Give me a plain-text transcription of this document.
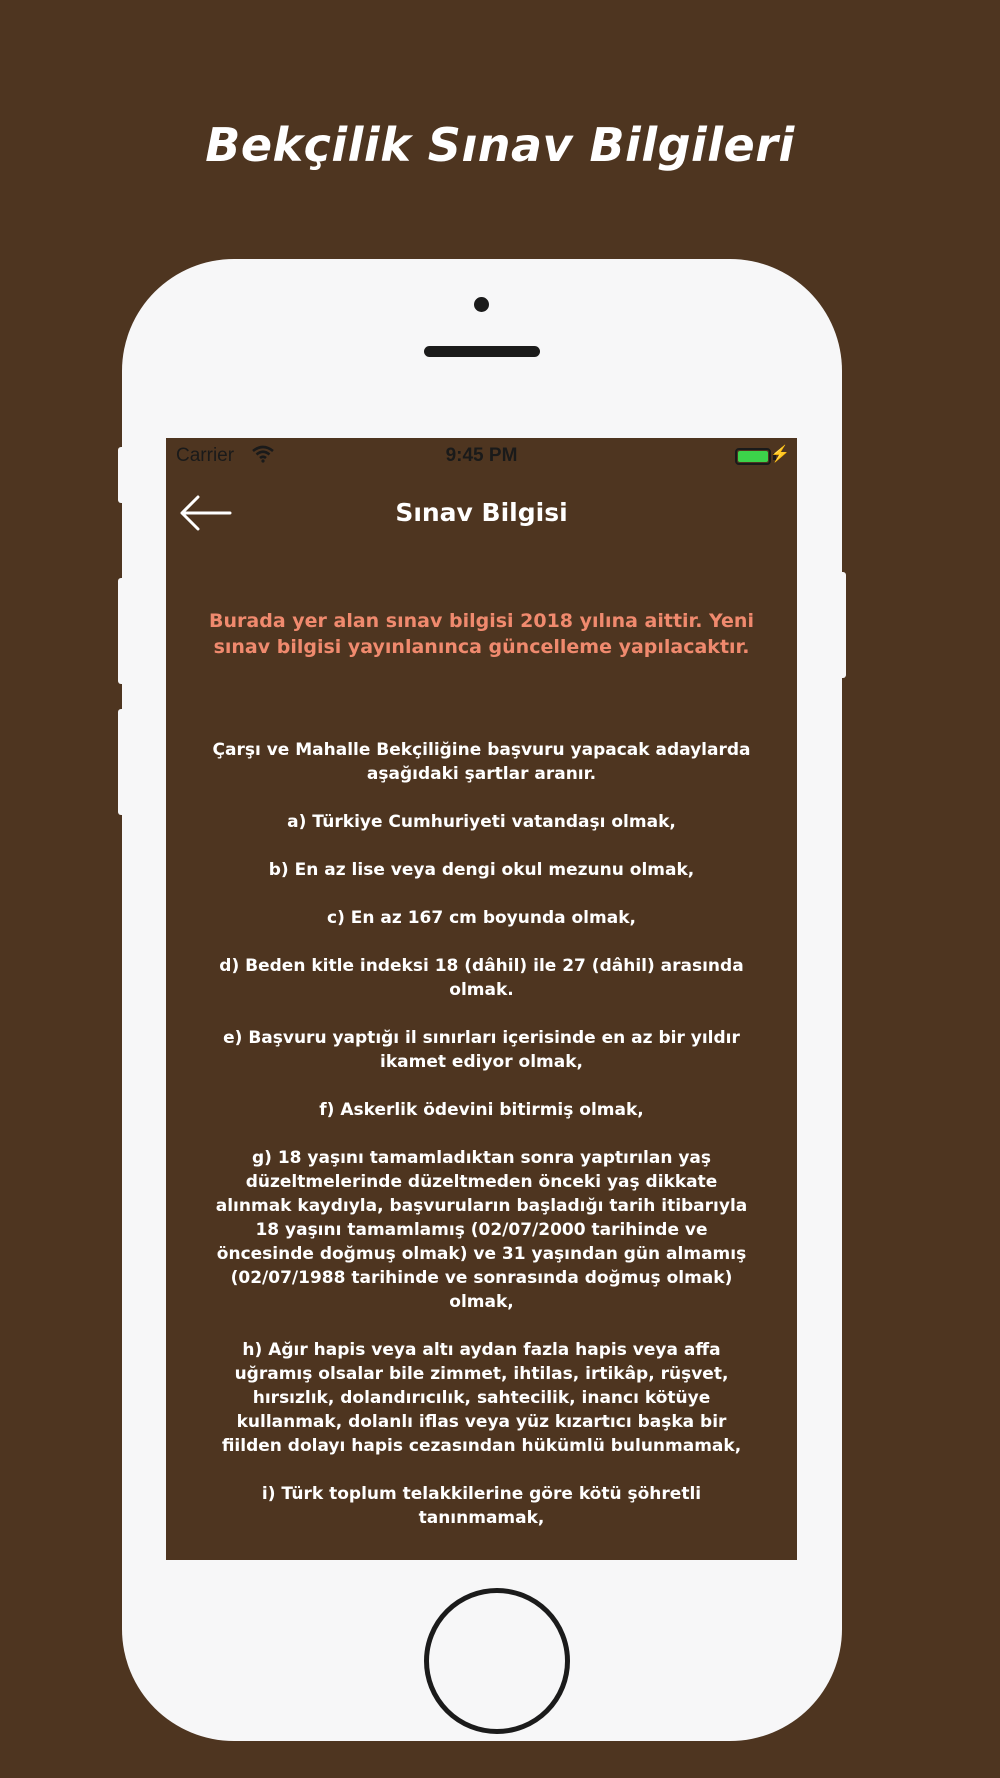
Bekçilik Sınav Bilgileri
Carrier	9:45 PM	⚡
Sınav Bilgisi
Burada yer alan sınav bilgisi 2018 yılına aittir. Yeni sınav bilgisi yayınlanınca güncelleme yapılacaktır.

Çarşı ve Mahalle Bekçiliğine başvuru yapacak adaylarda aşağıdaki şartlar aranır.

a) Türkiye Cumhuriyeti vatandaşı olmak,

b) En az lise veya dengi okul mezunu olmak,

c) En az 167 cm boyunda olmak,

d) Beden kitle indeksi 18 (dâhil) ile 27 (dâhil) arasında olmak.

e) Başvuru yaptığı il sınırları içerisinde en az bir yıldır ikamet ediyor olmak,

f) Askerlik ödevini bitirmiş olmak,

g) 18 yaşını tamamladıktan sonra yaptırılan yaş düzeltmelerinde düzeltmeden önceki yaş dikkate alınmak kaydıyla, başvuruların başladığı tarih itibarıyla 18 yaşını tamamlamış (02/07/2000 tarihinde ve öncesinde doğmuş olmak) ve 31 yaşından gün almamış (02/07/1988 tarihinde ve sonrasında doğmuş olmak) olmak,

h) Ağır hapis veya altı aydan fazla hapis veya affa uğramış olsalar bile zimmet, ihtilas, irtikâp, rüşvet, hırsızlık, dolandırıcılık, sahtecilik, inancı kötüye kullanmak, dolanlı iflas veya yüz kızartıcı başka bir fiilden dolayı hapis cezasından hükümlü bulunmamak,

i) Türk toplum telakkilerine göre kötü şöhretli tanınmamak,
